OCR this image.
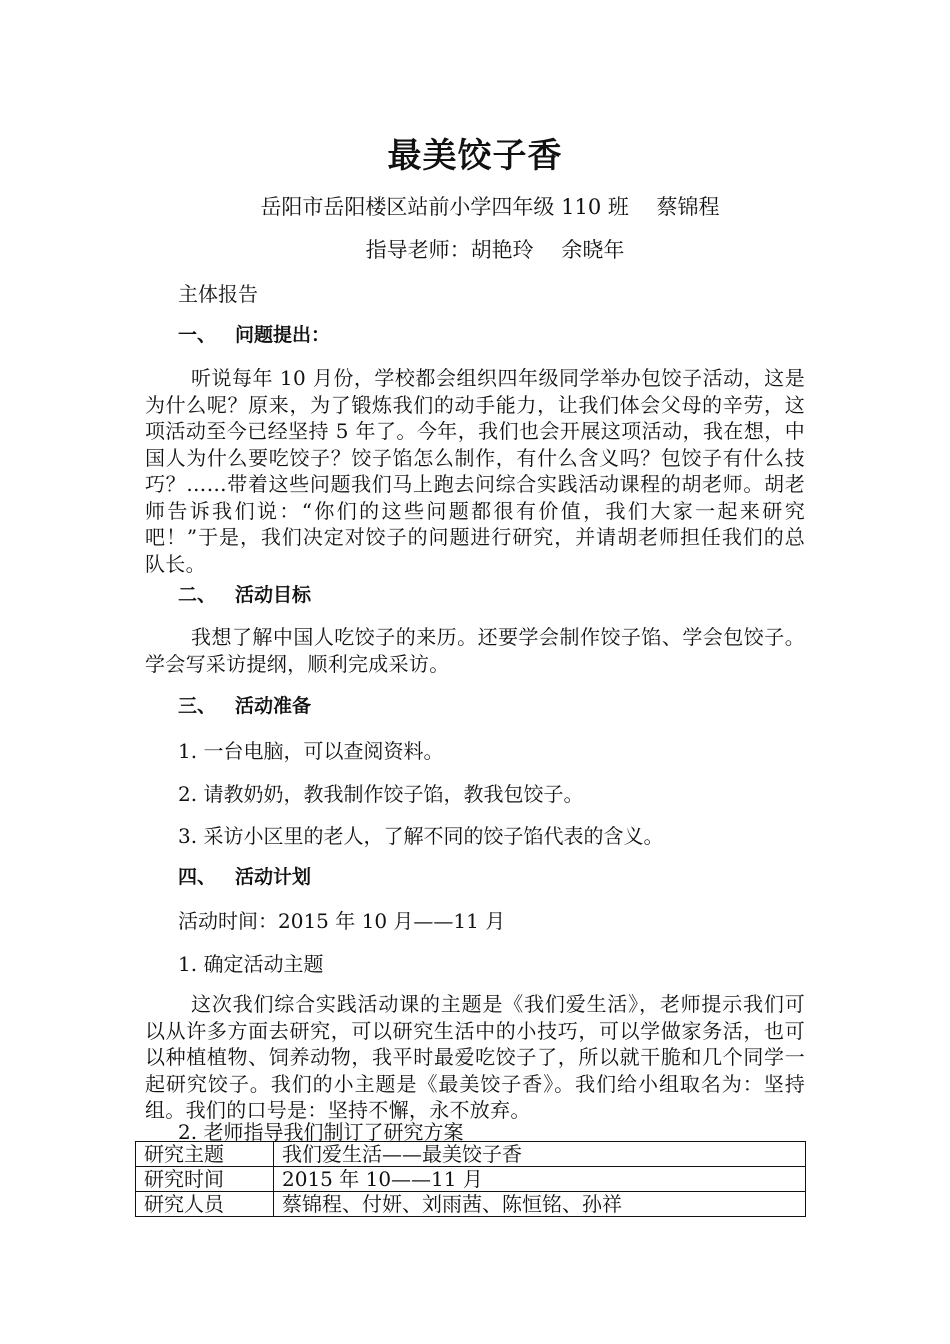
最美饺子香
岳阳市岳阳楼区站前小学四年级 110 班　 蔡锦程
指导老师：胡艳玲　 余晓年
主体报告
一、 问题提出：
听说每年 10 月份，学校都会组织四年级同学举办包饺子活动，这是为什么呢？原来，为了锻炼我们的动手能力，让我们体会父母的辛劳，这项活动至今已经坚持 5 年了。今年，我们也会开展这项活动，我在想，中国人为什么要吃饺子？饺子馅怎么制作，有什么含义吗？包饺子有什么技巧？……带着这些问题我们马上跑去问综合实践活动课程的胡老师。胡老师告诉我们说：“你们的这些问题都很有价值，我们大家一起来研究吧！”于是，我们决定对饺子的问题进行研究，并请胡老师担任我们的总队长。
二、 活动目标
我想了解中国人吃饺子的来历。还要学会制作饺子馅、学会包饺子。学会写采访提纲，顺利完成采访。
三、 活动准备
1. 一台电脑，可以查阅资料。
2. 请教奶奶，教我制作饺子馅，教我包饺子。
3. 采访小区里的老人，了解不同的饺子馅代表的含义。
四、 活动计划
活动时间：2015 年 10 月——11 月
1. 确定活动主题
这次我们综合实践活动课的主题是《我们爱生活》，老师提示我们可以从许多方面去研究，可以研究生活中的小技巧，可以学做家务活，也可以种植植物、饲养动物，我平时最爱吃饺子了，所以就干脆和几个同学一起研究饺子。我们的小主题是《最美饺子香》。我们给小组取名为：坚持组。我们的口号是：坚持不懈，永不放弃。
2. 老师指导我们制订了研究方案
研究主题	我们爱生活——最美饺子香
研究时间	2015 年 10——11 月
研究人员	蔡锦程、付妍、刘雨茜、陈恒铭、孙祥
